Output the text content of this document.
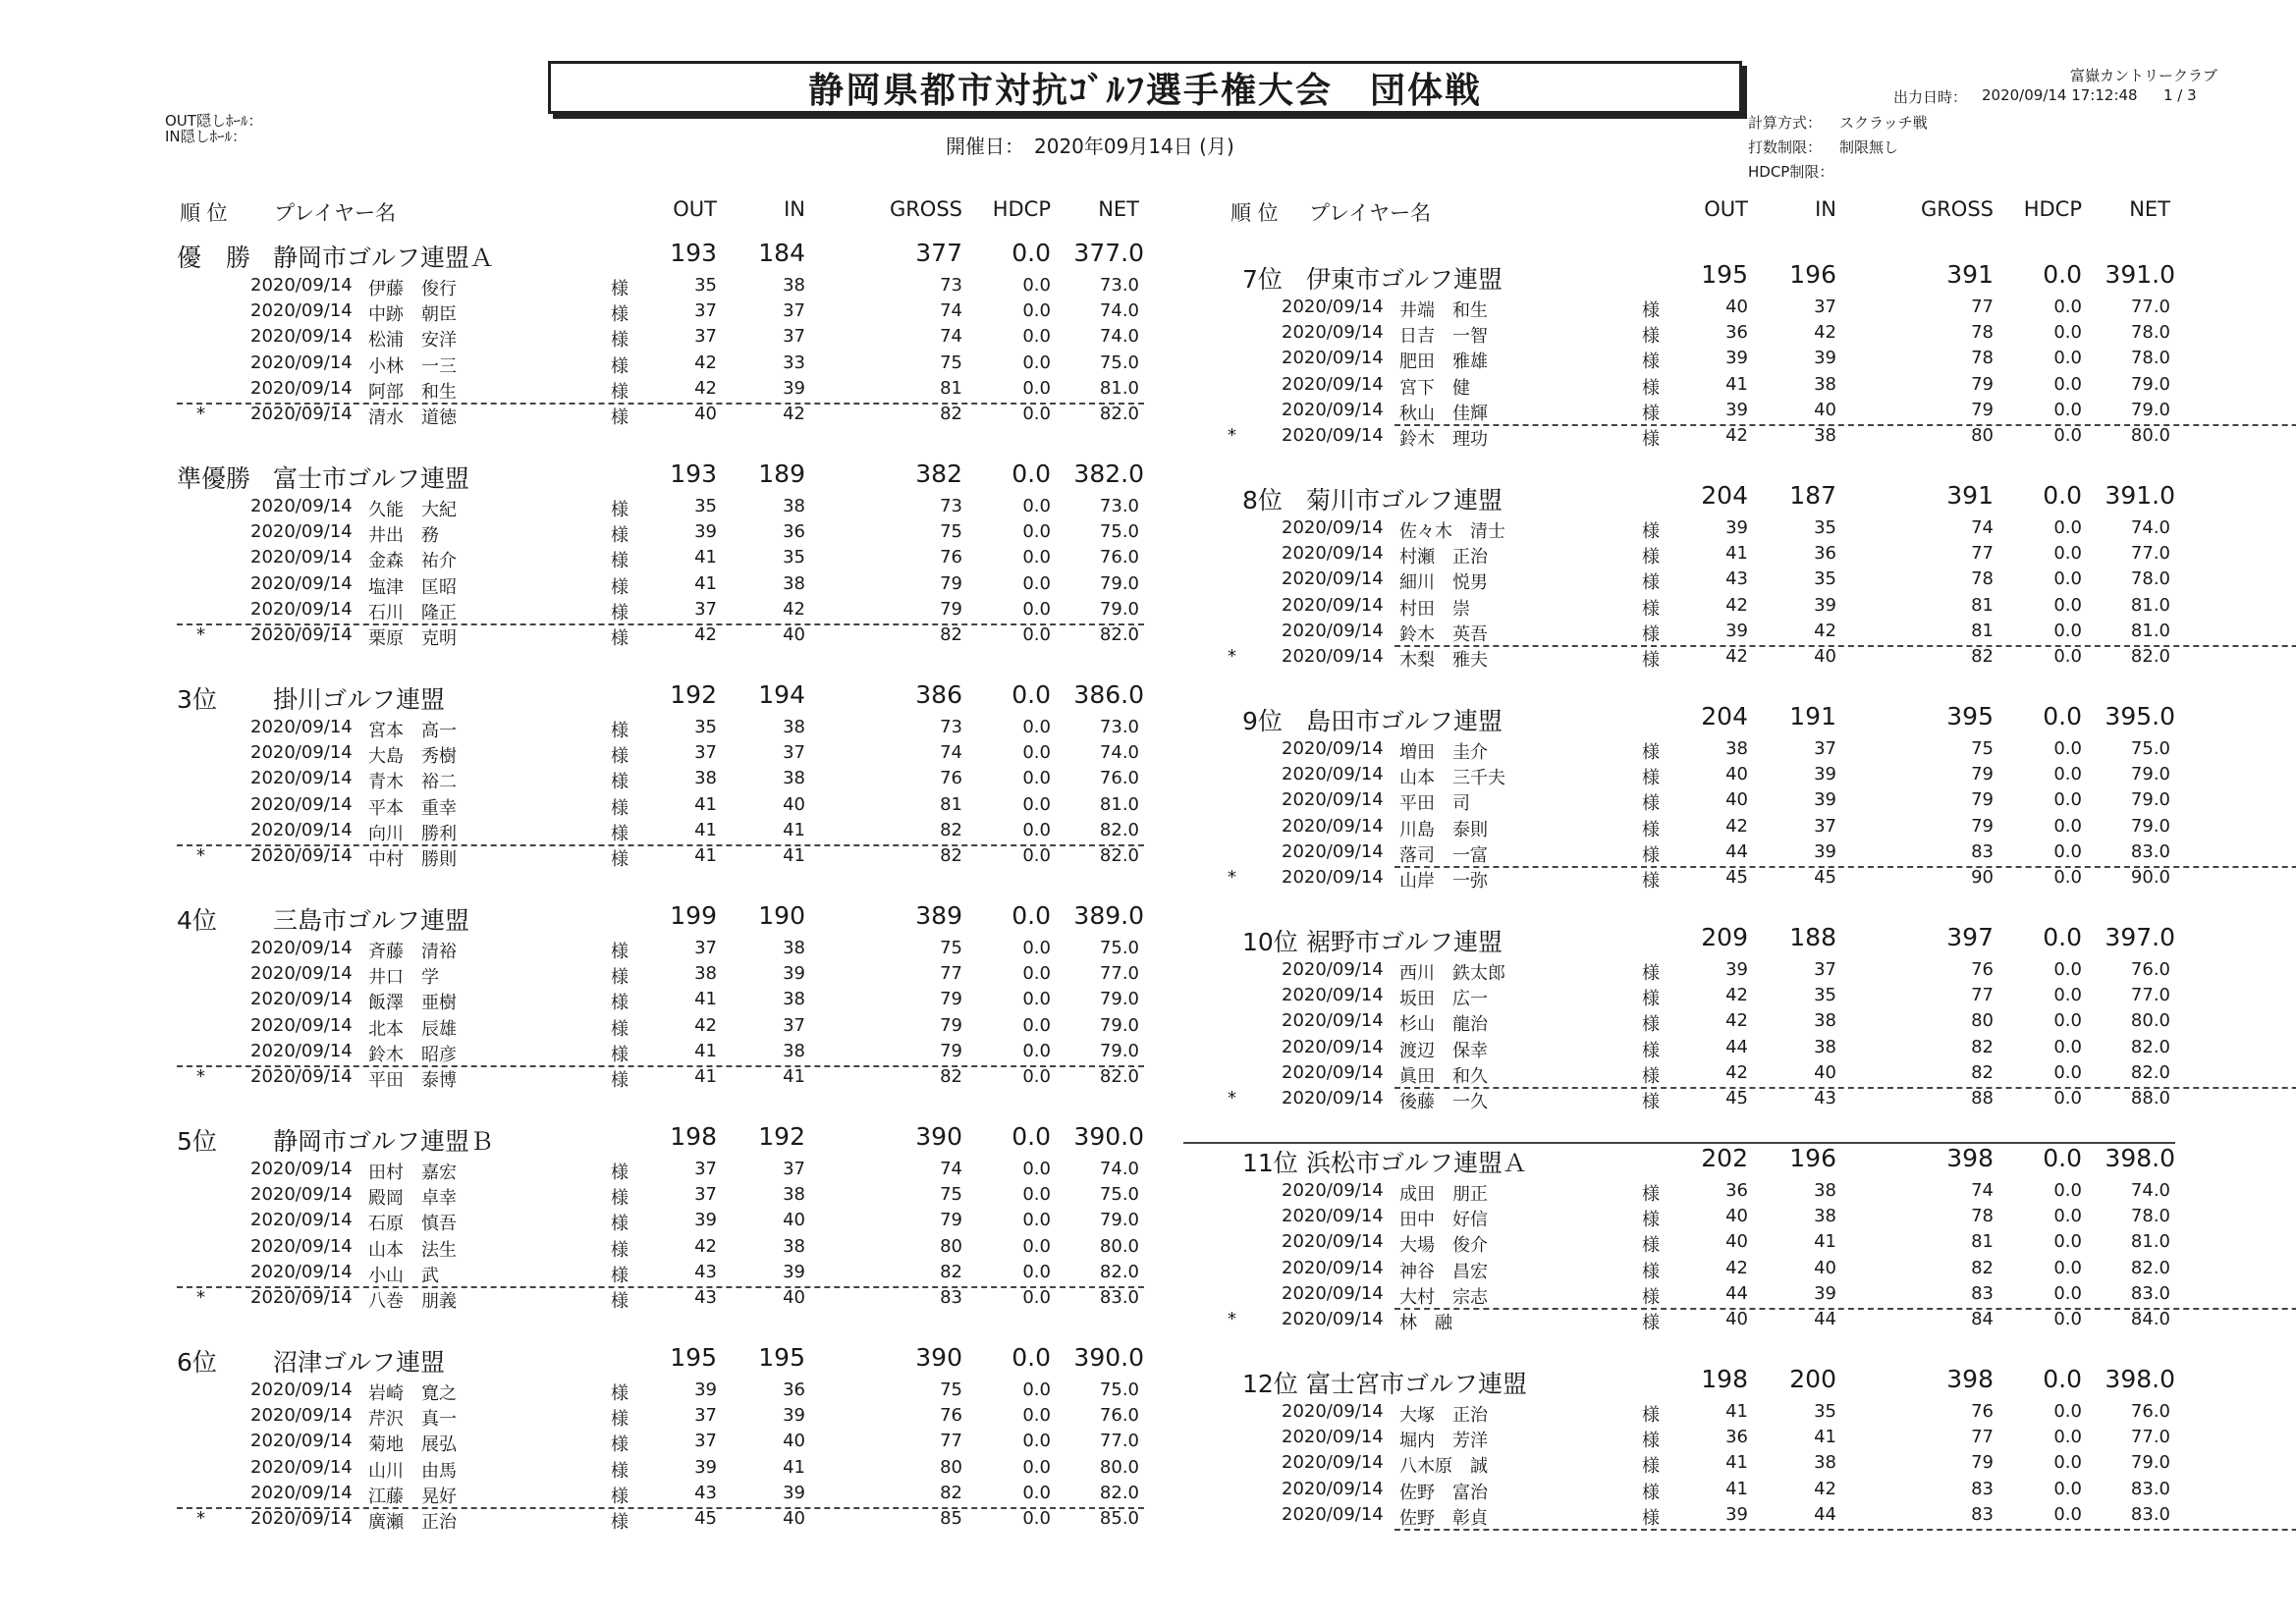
静岡県都市対抗ｺﾞﾙﾌ選手権大会　団体戦
OUT隠しﾎｰﾙ：
IN隠しﾎｰﾙ：	開催日： 2020年09月14日 (月)
富嶽カントリークラブ
出力日時： 2020/09/14 17:12:48 1 / 3
計算方式： スクラッチ戦
打数制限： 制限無し
HDCP制限：
順 位 プレイヤー名	OUT	IN	GROSS	HDCP	NET	順 位 プレイヤー名	OUT	IN	GROSS	HDCP	NET
優　勝 静岡市ゴルフ連盟Ａ	193	184	377	0.0 377.0
2020/09/14 伊藤　俊行	様	35	38	73	0.0	73.0
2020/09/14 中跡　朝臣	様	37	37	74	0.0	74.0
2020/09/14 松浦　安洋	様	37	37	74	0.0	74.0
2020/09/14 小林　一三	様	42	33	75	0.0	75.0
2020/09/14 阿部　和生	様	42	39	81	0.0	81.0
*	2020/09/14 清水　道徳	様	40	42	82	0.0	82.0
準優勝 富士市ゴルフ連盟	193	189	382	0.0 382.0
2020/09/14 久能　大紀	様	35	38	73	0.0	73.0
2020/09/14 井出　務	様	39	36	75	0.0	75.0
2020/09/14 金森　祐介	様	41	35	76	0.0	76.0
2020/09/14 塩津　匡昭	様	41	38	79	0.0	79.0
2020/09/14 石川　隆正	様	37	42	79	0.0	79.0
*	2020/09/14 栗原　克明	様	42	40	82	0.0	82.0
3位 掛川ゴルフ連盟	192	194	386	0.0 386.0
2020/09/14 宮本　高一	様	35	38	73	0.0	73.0
2020/09/14 大島　秀樹	様	37	37	74	0.0	74.0
2020/09/14 青木　裕二	様	38	38	76	0.0	76.0
2020/09/14 平本　重幸	様	41	40	81	0.0	81.0
2020/09/14 向川　勝利	様	41	41	82	0.0	82.0
*	2020/09/14 中村　勝則	様	41	41	82	0.0	82.0
4位 三島市ゴルフ連盟	199	190	389	0.0 389.0
2020/09/14 斉藤　清裕	様	37	38	75	0.0	75.0
2020/09/14 井口　学	様	38	39	77	0.0	77.0
2020/09/14 飯澤　亜樹	様	41	38	79	0.0	79.0
2020/09/14 北本　辰雄	様	42	37	79	0.0	79.0
2020/09/14 鈴木　昭彦	様	41	38	79	0.0	79.0
*	2020/09/14 平田　泰博	様	41	41	82	0.0	82.0
5位 静岡市ゴルフ連盟Ｂ	198	192	390	0.0 390.0
2020/09/14 田村　嘉宏	様	37	37	74	0.0	74.0
2020/09/14 殿岡　卓幸	様	37	38	75	0.0	75.0
2020/09/14 石原　慎吾	様	39	40	79	0.0	79.0
2020/09/14 山本　法生	様	42	38	80	0.0	80.0
2020/09/14 小山　武	様	43	39	82	0.0	82.0
*	2020/09/14 八巻　朋義	様	43	40	83	0.0	83.0
6位 沼津ゴルフ連盟	195	195	390	0.0 390.0
2020/09/14 岩崎　寛之	様	39	36	75	0.0	75.0
2020/09/14 芹沢　真一	様	37	39	76	0.0	76.0
2020/09/14 菊地　展弘	様	37	40	77	0.0	77.0
2020/09/14 山川　由馬	様	39	41	80	0.0	80.0
2020/09/14 江藤　晃好	様	43	39	82	0.0	82.0
*	2020/09/14 廣瀬　正治	様	45	40	85	0.0	85.0
7位 伊東市ゴルフ連盟	195	196	391	0.0 391.0
2020/09/14 井端　和生	様	40	37	77	0.0	77.0
2020/09/14 日吉　一智	様	36	42	78	0.0	78.0
2020/09/14 肥田　雅雄	様	39	39	78	0.0	78.0
2020/09/14 宮下　健	様	41	38	79	0.0	79.0
2020/09/14 秋山　佳輝	様	39	40	79	0.0	79.0
*	2020/09/14 鈴木　理功	様	42	38	80	0.0	80.0
8位 菊川市ゴルフ連盟	204	187	391	0.0 391.0
2020/09/14 佐々木　清士	様	39	35	74	0.0	74.0
2020/09/14 村瀬　正治	様	41	36	77	0.0	77.0
2020/09/14 細川　悦男	様	43	35	78	0.0	78.0
2020/09/14 村田　崇	様	42	39	81	0.0	81.0
2020/09/14 鈴木　英吾	様	39	42	81	0.0	81.0
*	2020/09/14 木梨　雅夫	様	42	40	82	0.0	82.0
9位 島田市ゴルフ連盟	204	191	395	0.0 395.0
2020/09/14 増田　圭介	様	38	37	75	0.0	75.0
2020/09/14 山本　三千夫	様	40	39	79	0.0	79.0
2020/09/14 平田　司	様	40	39	79	0.0	79.0
2020/09/14 川島　泰則	様	42	37	79	0.0	79.0
2020/09/14 落司　一富	様	44	39	83	0.0	83.0
*	2020/09/14 山岸　一弥	様	45	45	90	0.0	90.0
10位 裾野市ゴルフ連盟	209	188	397	0.0 397.0
2020/09/14 西川　鉄太郎	様	39	37	76	0.0	76.0
2020/09/14 坂田　広一	様	42	35	77	0.0	77.0
2020/09/14 杉山　龍治	様	42	38	80	0.0	80.0
2020/09/14 渡辺　保幸	様	44	38	82	0.0	82.0
2020/09/14 眞田　和久	様	42	40	82	0.0	82.0
*	2020/09/14 後藤　一久	様	45	43	88	0.0	88.0
11位 浜松市ゴルフ連盟Ａ	202	196	398	0.0 398.0
2020/09/14 成田　朋正	様	36	38	74	0.0	74.0
2020/09/14 田中　好信	様	40	38	78	0.0	78.0
2020/09/14 大場　俊介	様	40	41	81	0.0	81.0
2020/09/14 神谷　昌宏	様	42	40	82	0.0	82.0
2020/09/14 大村　宗志	様	44	39	83	0.0	83.0
*	2020/09/14 林　融	様	40	44	84	0.0	84.0
12位 富士宮市ゴルフ連盟	198	200	398	0.0 398.0
2020/09/14 大塚　正治	様	41	35	76	0.0	76.0
2020/09/14 堀内　芳洋	様	36	41	77	0.0	77.0
2020/09/14 八木原　誠	様	41	38	79	0.0	79.0
2020/09/14 佐野　富治	様	41	42	83	0.0	83.0
2020/09/14 佐野　彰貞	様	39	44	83	0.0	83.0
